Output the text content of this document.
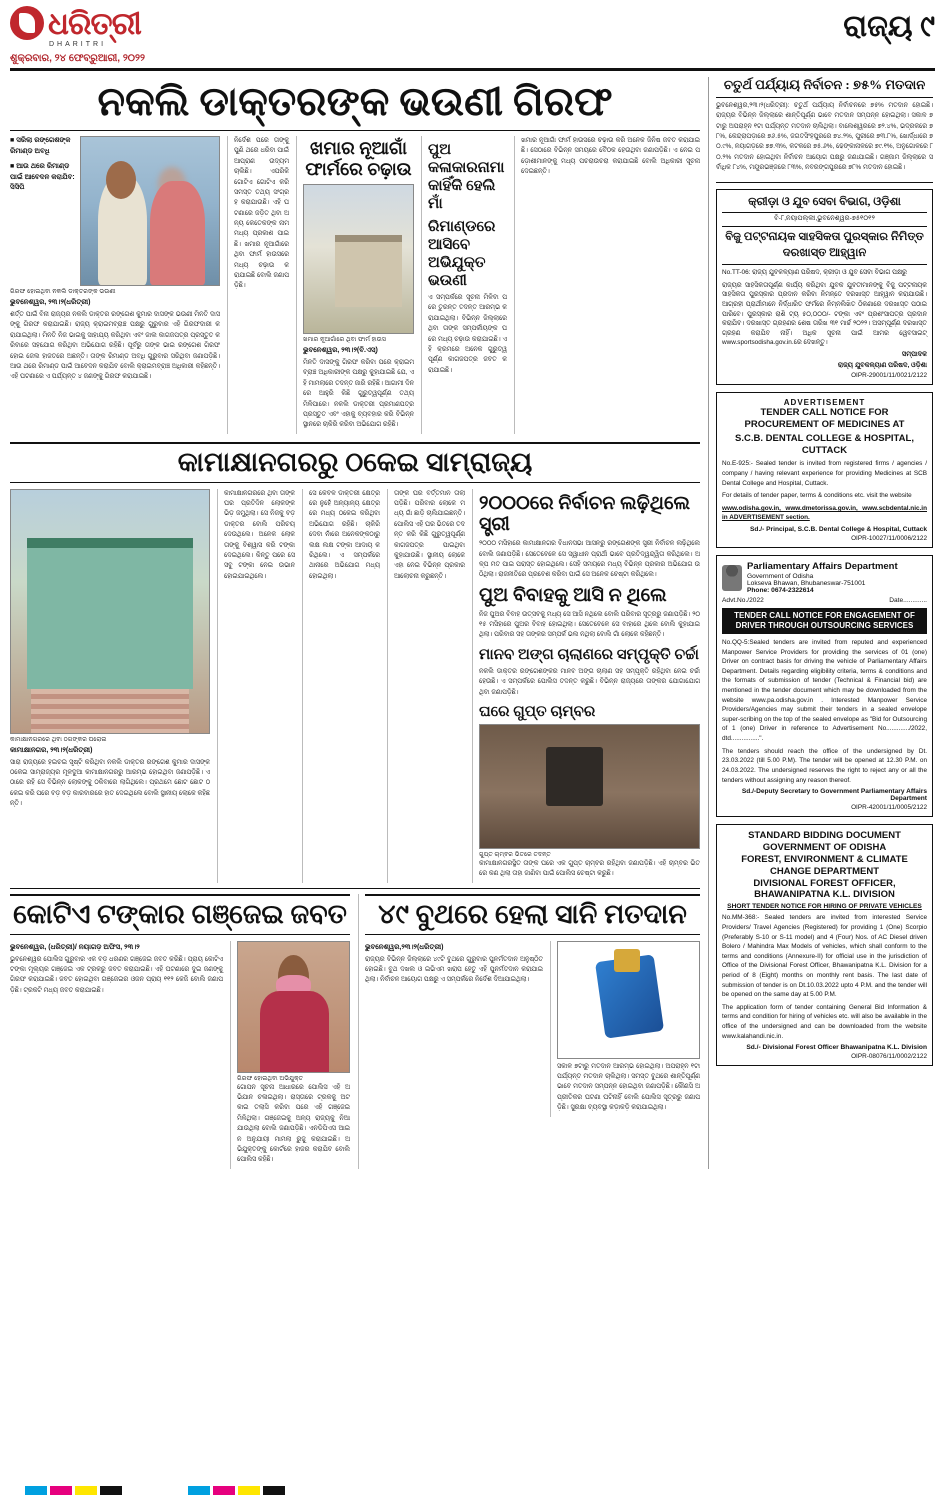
ଧରିତ୍ରୀ
DHARITRI
ଶୁକ୍ରବାର, ୨୪ ଫେବ୍ରୁଆରୀ, ୨୦୨୨
ରାଜ୍ୟ ୯
ନକଲି ଡାକ୍ତରଙ୍କ ଭଉଣୀ ଗିରଫ
■ ସରିଲା ରଙ୍ଗେଶଙ୍କ ରିମାଣ୍ଡ ଅବଧି
■ ଆଉ ଥରେ ରିମାଣ୍ଡ ପାଇଁ ଆବେଦନ କରାଯିବ: ସିସିପି
ଗିରଫ ହୋଇଥିବା ନକଲି ଡାକ୍ତରଙ୍କ ଭଉଣୀ
ଭୁବନେଶ୍ୱର, ୨୩।୨(ଧରିତ୍ରୀ)

ଶର୍ତ୍ତ ପାଇଁ ବିନା ରାଜ୍ୟର ନକଲି ଡାକ୍ତର ରଙ୍ଗେଶ କୁମାର ଦାସଙ୍କ ଭଉଣୀ ମିନତି ଦାସଙ୍କୁ ଗିରଫ କରାଯାଇଛି। ରାଜ୍ୟ କ୍ରାଇମବ୍ରାଞ୍ଚ ପକ୍ଷରୁ ଗୁରୁବାର ଏହି ଗିରଫଦାରୀ କରାଯାଇଥିଲା। ମିନତି ନିଜ ଭାଇକୁ ସାହାଯ୍ୟ କରିଥିବା ଏବଂ ଜାଲ କାଗଜପତ୍ର ପ୍ରସ୍ତୁତ କରିବାରେ ସହଯୋଗ କରିଥିବା ଅଭିଯୋଗ ରହିଛି। ପୂର୍ବରୁ ତାଙ୍କ ଭାଇ ରଙ୍ଗେଶ ଗିରଫ ହୋଇ ଜେଲ ହାଜତରେ ଅଛନ୍ତି। ତାଙ୍କ ରିମାଣ୍ଡ ଅବଧି ଗୁରୁବାର ସରିଥିବା ଜଣାପଡ଼ିଛି। ଆଉ ଥରେ ରିମାଣ୍ଡ ପାଇଁ ଆବେଦନ କରାଯିବ ବୋଲି କ୍ରାଇମବ୍ରାଞ୍ଚ ଅଧିକାରୀ କହିଛନ୍ତି। ଏହି ଘଟଣାରେ ଏ ପର୍ଯ୍ୟନ୍ତ ୪ ଜଣଙ୍କୁ ଗିରଫ କରାଯାଇଛି।

ନିର୍ଦେଶ ପରେ ତାଙ୍କୁ ପୁଣି ଥରେ ଧରିବା ପାଇଁ ଆପ୍ରାଣ ଉଦ୍ୟମ ଚାଲିଛି। ଏପରିକି ଗୋଟିଏ ଗୋଟିଏ କରି ସମସ୍ତ ତଥ୍ୟ ସଂଗ୍ରହ କରାଯାଉଛି। ଏହି ଘଟଣାରେ ଜଡ଼ିତ ଥିବା ଅନ୍ୟ କେତେକଙ୍କ ନାମ ମଧ୍ୟ ପ୍ରକାଶ ପାଇଛି। ଖମାର ନୂଆଗାଁରେ ଥିବା ଫାର୍ମ ହାଉସରେ ମଧ୍ୟ ଚଢ଼ାଉ କରାଯାଇଛି ବୋଲି ଜଣାପଡ଼ିଛି।

ଖମାର ନୂଆଗାଁ ଫାର୍ମରେ ଚଢ଼ାଉ
ଖମାର ନୂଆଗାଁରେ ଥିବା ଫାର୍ମ ହାଉସ
ଭୁବନେଶ୍ୱର, ୨୩।୨(ବି.ଏସ୍‌)

ମିନତି ଦାସଙ୍କୁ ଗିରଫ କରିବା ପରେ କ୍ରାଇମବ୍ରାଞ୍ଚ ଅଧିକାରୀଙ୍କ ପକ୍ଷରୁ କୁହାଯାଇଛି ଯେ, ଏହି ମାମଲାରେ ତଦନ୍ତ ଜାରି ରହିଛି। ଆଗାମୀ ଦିନରେ ଆହୁରି କିଛି ଗୁରୁତ୍ୱପୂର୍ଣ୍ଣ ତଥ୍ୟ ମିଳିପାରେ। ନକଲି ଡାକ୍ତରୀ ପ୍ରମାଣପତ୍ର ପ୍ରସ୍ତୁତ ଏବଂ ଏହାକୁ ବ୍ୟବହାର କରି ବିଭିନ୍ନ ସ୍ଥାନରେ ଚାକିରି କରିବା ଅଭିଯୋଗ ରହିଛି।

ପୁଅ କଳାକାରନାମା କାହିଁକି ହେଲି ମାଁ
ରିମାଣ୍ଡରେ ଆସିବେ ଅଭିଯୁକ୍ତ ଭଉଣୀ

ଏ ସମ୍ପର୍କରେ ସୂଚନା ମିଳିବା ପରେ ତୁରନ୍ତ ତଦନ୍ତ ଆରମ୍ଭ କରାଯାଇଥିଲା। ବିଭିନ୍ନ ଜିଲ୍ଲାରେ ଥିବା ତାଙ୍କ ସମ୍ପର୍କୀୟଙ୍କ ଘରେ ମଧ୍ୟ ଚଢ଼ାଉ କରାଯାଇଛି। ଏହି କ୍ରମରେ ଅନେକ ଗୁରୁତ୍ୱପୂର୍ଣ୍ଣ କାଗଜପତ୍ର ଜବତ କରାଯାଇଛି।

ଖମାର ନୂଆଗାଁ ଫାର୍ମ ହାଉସରେ ଚଢ଼ାଉ କରି ଅନେକ ଜିନିଷ ଜବତ କରାଯାଇଛି। ସେଠାରେ ବିଭିନ୍ନ ସମୟରେ ବୈଠକ ହେଉଥିବା ଜଣାପଡ଼ିଛି। ଏ ନେଇ ପଡ଼ୋଶୀମାନଙ୍କୁ ମଧ୍ୟ ପଚରାଉଚରା କରାଯାଇଛି ବୋଲି ଅଧିକାରୀ ସୂଚନା ଦେଇଛନ୍ତି।

କାମାକ୍ଷାନଗରରୁ ଠକେଇ ସାମ୍ରାଜ୍ୟ
କାମାକ୍ଷାନଗରରେ ଥିବା ଠଗଙ୍କର ଘରୋଇ
କାମାକ୍ଷାନଗର, ୨୩।୨(ଧରିତ୍ରୀ)

ସାରା ରାଜ୍ୟରେ ହଇଚଇ ସୃଷ୍ଟି କରିଥିବା ନକଲି ଡାକ୍ତର ରଙ୍ଗେଶ କୁମାର ଦାସଙ୍କ ଠକେଇ ସାମ୍ରାଜ୍ୟର ମୂଳଦୁଆ କାମାକ୍ଷାନଗରରୁ ଆରମ୍ଭ ହୋଇଥିବା ଜଣାପଡ଼ିଛି। ଏଠାରେ ରହି ସେ ବିଭିନ୍ନ ଲୋକଙ୍କୁ ଠକିବାରେ ଲାଗିଥିଲେ। ପ୍ରଥମେ ଛୋଟ ଛୋଟ ଠକେଇ କରି ପରେ ବଡ଼ ବଡ଼ କାରବାରରେ ହାତ ଦେଇଥିଲେ ବୋଲି ସ୍ଥାନୀୟ ଲୋକେ କହିଛନ୍ତି।

କାମାକ୍ଷାନଗରରେ ଥିବା ତାଙ୍କ ଘର ପ୍ରତିଦିନ ଲୋକଙ୍କ ଭିଡ଼ ଜମୁଥିଲା। ସେ ନିଜକୁ ବଡ଼ ଡାକ୍ତର ବୋଲି ପରିଚୟ ଦେଉଥିଲେ। ଅନେକ ଲୋକ ତାଙ୍କୁ ବିଶ୍ୱାସ କରି ଟଙ୍କା ଦେଇଥିଲେ। କିନ୍ତୁ ପରେ ସେ ସବୁ ଟଙ୍କା ନେଇ ଉଭାନ ହୋଇଯାଇଥିଲେ।

ସେ କେବଳ ଡାକ୍ତରୀ କ୍ଷେତ୍ରରେ ନୁହେଁ ଅନ୍ୟାନ୍ୟ କ୍ଷେତ୍ରରେ ମଧ୍ୟ ଠକେଇ କରିଥିବା ଅଭିଯୋଗ ରହିଛି। ଚାକିରି ଦେବା ନାଁରେ ଅନେକଙ୍କଠାରୁ ଲକ୍ଷ ଲକ୍ଷ ଟଙ୍କା ଆଦାୟ କରିଥିଲେ। ଏ ସମ୍ପର୍କରେ ଥାନାରେ ଅଭିଯୋଗ ମଧ୍ୟ ହୋଇଥିଲା।

ତାଙ୍କ ଘର ବର୍ତ୍ତମାନ ତାଲା ପଡ଼ିଛି। ପରିବାର ଲୋକେ ମଧ୍ୟ ଗାଁ ଛାଡ଼ି ଚାଲିଯାଇଛନ୍ତି। ପୋଲିସ ଏହି ଘର ଭିତରେ ତଦନ୍ତ କରି କିଛି ଗୁରୁତ୍ୱପୂର୍ଣ୍ଣ କାଗଜପତ୍ର ପାଇଥିବା କୁହାଯାଉଛି। ସ୍ଥାନୀୟ ଲୋକେ ଏହା ନେଇ ବିଭିନ୍ନ ପ୍ରକାର ଆଲୋଚନା କରୁଛନ୍ତି।

୨୦୦୦ରେ ନିର୍ବାଚନ ଲଢ଼ିଥିଲେ ସ୍ତ୍ରୀ

୨୦୦୦ ମସିହାରେ କାମାକ୍ଷାନଗର ବିଧାନସଭା ଆସନରୁ ରଙ୍ଗେଶଙ୍କ ସ୍ତ୍ରୀ ନିର୍ବାଚନ ଲଢ଼ିଥିଲେ ବୋଲି ଜଣାପଡ଼ିଛି। ସେତେବେଳେ ସେ ସ୍ୱାଧୀନ ପ୍ରାର୍ଥୀ ଭାବେ ପ୍ରତିଦ୍ୱନ୍ଦ୍ୱିତା କରିଥିଲେ। ଅଳ୍ପ ମତ ପାଇ ପରାସ୍ତ ହୋଇଥିଲେ। ସେହି ସମୟରେ ମଧ୍ୟ ବିଭିନ୍ନ ପ୍ରକାର ଅଭିଯୋଗ ଉଠିଥିଲା। ରାଜନୀତିରେ ପ୍ରବେଶ କରିବା ପାଇଁ ସେ ଅନେକ ଚେଷ୍ଟା କରିଥିଲେ।

ପୁଅ ବିବାହକୁ ଆସି ନ ଥିଲେ

ନିଜ ପୁଅର ବିବାହ ଉତ୍ସବକୁ ମଧ୍ୟ ସେ ଆସି ନଥିଲେ ବୋଲି ପରିବାର ସୂତ୍ରରୁ ଜଣାପଡ଼ିଛି। ୨୦୧୫ ମସିହାରେ ପୁଅର ବିବାହ ହୋଇଥିଲା। ସେତେବେଳେ ସେ ବାହାରେ ଥିଲେ ବୋଲି କୁହାଯାଇଥିଲା। ପରିବାର ସହ ତାଙ୍କର ସମ୍ପର୍କ ଭଲ ନଥିଲା ବୋଲି ଗାଁ ଲୋକେ କହିଛନ୍ତି।

ମାନବ ଅଙ୍ଗ ଚାଲାଣରେ ସମ୍ପୃକ୍ତି ଚର୍ଚ୍ଚା

ନକଲି ଡାକ୍ତର ରଙ୍ଗେଶଙ୍କର ମାନବ ଅଙ୍ଗ ଚାଲାଣ ସହ ସମ୍ପୃକ୍ତି ରହିଥିବା ନେଇ ଚର୍ଚ୍ଚା ହେଉଛି। ଏ ସମ୍ପର୍କରେ ପୋଲିସ ତଦନ୍ତ କରୁଛି। ବିଭିନ୍ନ ରାଜ୍ୟରେ ତାଙ୍କର ଯୋଗାଯୋଗ ଥିବା ଜଣାପଡ଼ିଛି।

ଘରେ ଗୁପ୍ତ ଚାମ୍ବର
ଗୁପ୍ତ ଚାମ୍ବର ଭିତରେ ତଦନ୍ତ

କାମାକ୍ଷାନଗରସ୍ଥିତ ତାଙ୍କ ଘରେ ଏକ ଗୁପ୍ତ ଚାମ୍ବର ରହିଥିବା ଜଣାପଡ଼ିଛି। ଏହି ଚାମ୍ବର ଭିତରେ କଣ ଥିଲା ତାହା ଜାଣିବା ପାଇଁ ପୋଲିସ ଚେଷ୍ଟା କରୁଛି।

କୋଟିଏ ଟଙ୍କାର ଗଞ୍ଜେଇ ଜବତ
ଭୁବନେଶ୍ୱର, (ଧରିତ୍ରୀ)/ ନୟାଗଡ଼ ଅଫିସ, ୨୩।୨

ଭୁବନେଶ୍ୱର ପୋଲିସ ଗୁରୁବାର ଏକ ବଡ଼ ଧରଣର ଗଞ୍ଜେଇ ଜବତ କରିଛି। ପ୍ରାୟ କୋଟିଏ ଟଙ୍କା ମୂଲ୍ୟର ଗଞ୍ଜେଇ ଏକ ଟ୍ରକରୁ ଜବତ କରାଯାଇଛି। ଏହି ଘଟଣାରେ ଦୁଇ ଜଣଙ୍କୁ ଗିରଫ କରାଯାଇଛି। ଜବତ ହୋଇଥିବା ଗଞ୍ଜେଇର ଓଜନ ପ୍ରାୟ ୧୧୨ କେଜି ବୋଲି ଜଣାପଡ଼ିଛି। ଟ୍ରକଟି ମଧ୍ୟ ଜବତ କରାଯାଇଛି।

ଗିରଫ ହୋଇଥିବା ଅଭିଯୁକ୍ତ

ଗୋପନ ସୂଚନା ଆଧାରରେ ପୋଲିସ ଏହି ଅଭିଯାନ ଚଳାଇଥିଲା। ରାସ୍ତାରେ ଟ୍ରକକୁ ଅଟକାଇ ତଲାସି କରିବା ପରେ ଏହି ଗଞ୍ଜେଇ ମିଳିଥିଲା। ଗଞ୍ଜେଇକୁ ଅନ୍ୟ ରାଜ୍ୟକୁ ନିଆଯାଉଥିଲା ବୋଲି ଜଣାପଡ଼ିଛି। ଏନଡିପିଏସ ଆଇନ ଅନୁଯାୟୀ ମାମଲା ରୁଜୁ କରାଯାଇଛି। ଅଭିଯୁକ୍ତଙ୍କୁ କୋର୍ଟରେ ହାଜର କରାଯିବ ବୋଲି ପୋଲିସ କହିଛି।

୪୯ ବୁଥରେ ହେଲା ସାନି ମତଦାନ
ଭୁବନେଶ୍ୱର,୨୩।୨(ଧରିତ୍ରୀ)

ରାଜ୍ୟର ବିଭିନ୍ନ ଜିଲ୍ଲାରେ ୪୯ଟି ବୁଥରେ ଗୁରୁବାର ପୁନର୍ମତଦାନ ଅନୁଷ୍ଠିତ ହୋଇଛି। ବୁଥ ଦଖଲ ଓ ଇଭିଏମ ଖରାପ ହେତୁ ଏହି ପୁନର୍ମତଦାନ କରାଯାଇଥିଲା। ନିର୍ବାଚନ ଆୟୋଗ ପକ୍ଷରୁ ଏ ସମ୍ପର୍କରେ ନିର୍ଦେଶ ଦିଆଯାଇଥିଲା।

ସକାଳ ୭ଟାରୁ ମତଦାନ ଆରମ୍ଭ ହୋଇଥିଲା। ଅପରାହ୍ନ ୧ଟା ପର୍ଯ୍ୟନ୍ତ ମତଦାନ ଚାଲିଥିଲା। ସମସ୍ତ ବୁଥରେ ଶାନ୍ତିପୂର୍ଣ୍ଣ ଭାବେ ମତଦାନ ସମ୍ପନ୍ନ ହୋଇଥିବା ଜଣାପଡ଼ିଛି। କୌଣସି ଅପ୍ରୀତିକର ଘଟଣା ଘଟିନାହିଁ ବୋଲି ପୋଲିସ ସୂତ୍ରରୁ ଜଣାପଡ଼ିଛି। ସୁରକ୍ଷା ବ୍ୟବସ୍ଥା କଡ଼ାକଡ଼ି କରାଯାଇଥିଲା।

ଚତୁର୍ଥ ପର୍ଯ୍ୟାୟ ନିର୍ବାଚନ : ୭୫% ମତଦାନ

ଭୁବନେଶ୍ୱର,୨୩।୨(ଧରିତ୍ରୀ): ଚତୁର୍ଥ ପର୍ଯ୍ୟାୟ ନିର୍ବାଚନରେ ୭୫% ମତଦାନ ହୋଇଛି। ରାଜ୍ୟର ବିଭିନ୍ନ ଜିଲ୍ଲାରେ ଶାନ୍ତିପୂର୍ଣ୍ଣ ଭାବେ ମତଦାନ ସମ୍ପନ୍ନ ହୋଇଥିଲା। ସକାଳ ୭ଟାରୁ ଅପରାହ୍ନ ୧ଟା ପର୍ଯ୍ୟନ୍ତ ମତଦାନ ଚାଲିଥିଲା। ବାଲେଶ୍ୱରରେ ୭୨.୪%, ଭଦ୍ରକରେ ୭୮%, କେନ୍ଦ୍ରାପଡ଼ାରେ ୭୬.୫%, ଜଗତସିଂହପୁରରେ ୭୪.୨%, ପୁରୀରେ ୭୩.୮%, ଖୋର୍ଦ୍ଧାରେ ୭୦.୯%, ନୟାଗଡ଼ରେ ୭୭.୩%, କଟକରେ ୭୫.୬%, ଢେଙ୍କାନାଳରେ ୭୯.୧%, ଅନୁଗୋଳରେ ୮୦.୨% ମତଦାନ ହୋଇଥିବା ନିର୍ବାଚନ ଆୟୋଗ ପକ୍ଷରୁ ଜଣାଯାଇଛି। ଗଞ୍ଜାମ ଜିଲ୍ଲାରେ ସର୍ବାଧିକ ୮୪%, ମୟୂରଭଞ୍ଜରେ ୮୩%, ନବରଙ୍ଗପୁରରେ ୭୮% ମତଦାନ ହୋଇଛି।

କ୍ରୀଡ଼ା ଓ ଯୁବ ସେବା ବିଭାଗ, ଓଡ଼ିଶା
ବି-୮,ନୟାପଲ୍ଲୀ,ଭୁବନେଶ୍ୱର-୭୫୧୦୧୨
ବିଜୁ ପଟ୍ଟନାୟକ ସାହସିକତା ପୁରସ୍କାର ନିମିତ୍ତ ଦରଖାସ୍ତ ଆହ୍ୱାନ
No.TT-06: ରାଜ୍ୟ ଯୁବକଳ୍ୟାଣ ପରିଷଦ, କ୍ରୀଡ଼ା ଓ ଯୁବ ସେବା ବିଭାଗ ପକ୍ଷରୁ
ରାଜ୍ୟର ସାହସିକତାପୂର୍ଣ୍ଣ କାର୍ଯ୍ୟ କରିଥିବା ଯୁବକ ଯୁବତୀମାନଙ୍କୁ ବିଜୁ ପଟ୍ଟନାୟକ ସାହସିକତା ପୁରସ୍କାର ପ୍ରଦାନ କରିବା ନିମନ୍ତେ ଦରଖାସ୍ତ ଆହ୍ୱାନ କରାଯାଉଛି। ଆଗ୍ରହୀ ପ୍ରାର୍ଥୀମାନେ ନିର୍ଦ୍ଧାରିତ ଫର୍ମରେ ନିମ୍ନଲିଖିତ ଠିକଣାରେ ଦରଖାସ୍ତ ପଠାଇ ପାରିବେ। ପୁରସ୍କାର ରାଶି ଟ୍ୟ ୫୦,୦୦୦/- ଟଙ୍କା ଏବଂ ପ୍ରଶଂସାପତ୍ର ପ୍ରଦାନ କରାଯିବ। ଦରଖାସ୍ତ ଗ୍ରହଣର ଶେଷ ତାରିଖ ୩୧ ମାର୍ଚ୍ଚ ୨୦୨୨। ଅସମ୍ପୂର୍ଣ୍ଣ ଦରଖାସ୍ତ ଗ୍ରହଣ କରାଯିବ ନାହିଁ। ଅଧିକ ସୂଚନା ପାଇଁ ଆମର ୱେବସାଇଟ୍ www.sportsodisha.gov.in.ରେ ଦେଖନ୍ତୁ।
ସମ୍ପାଦକ
ରାଜ୍ୟ ଯୁବକଳ୍ୟାଣ ପରିଷଦ, ଓଡ଼ିଶା
OIPR-29001/11/0021/2122
ADVERTISEMENT
TENDER CALL NOTICE FOR PROCUREMENT OF MEDICINES AT
S.C.B. DENTAL COLLEGE & HOSPITAL, CUTTACK
No.E-925:- Sealed tender is invited from registered firms / agencies / company / having relevant experience for providing Medicines at SCB Dental College and Hospital, Cuttack.
For details of tender paper, terms & conditions etc. visit the website
www.odisha.gov.in, www.dmetorissa.gov.in, www.scbdental.nic.in in ADVERTISEMENT section.
Sd./- Principal, S.C.B. Dental College & Hospital, Cuttack
OIPR-10027/11/0006/2122
Parliamentary Affairs Department
Government of Odisha
Lokseva Bhawan, Bhubaneswar-751001
Phone: 0674-2322614
Advt.No./2022	Date.............
TENDER CALL NOTICE FOR ENGAGEMENT OF DRIVER THROUGH OUTSOURCING SERVICES
No.QQ-5:Sealed tenders are invited from reputed and experienced Manpower Service Providers for providing the services of 01 (one) Driver on contract basis for driving the vehicle of Parliamentary Affairs Department. Details regarding eligibility criteria, terms & conditions and the formats of submission of tender (Technical & Financial bid) are mentioned in the tender document which may be downloaded from the website www.pa.odisha.gov.in . Interested Manpower Service Providers/Agencies may submit their tenders in a sealed envelope super-scribing on the top of the sealed envelope as "Bid for Outsourcing of 1 (one) Driver in reference to Advertisement No............./2022, dtd................".
The tenders should reach the office of the undersigned by Dt. 23.03.2022 (till 5.00 P.M). The tender will be opened at 12.30 P.M. on 24.03.2022. The undersigned reserves the right to reject any or all the tenders without assigning any reason thereof.
Sd./-Deputy Secretary to Government Parliamentary Affairs Department
OIPR-42001/11/0005/2122
STANDARD BIDDING DOCUMENT
GOVERNMENT OF ODISHA
FOREST, ENVIRONMENT & CLIMATE CHANGE DEPARTMENT
DIVISIONAL FOREST OFFICER, BHAWANIPATNA K.L. DIVISION
SHORT TENDER NOTICE FOR HIRING OF PRIVATE VEHICLES
No.MM-368:- Sealed tenders are invited from interested Service Providers/ Travel Agencies (Registered) for providing 1 (One) Scorpio (Preferably S-10 or S-11 model) and 4 (Four) Nos. of AC Diesel driven Bolero / Mahindra Max Models of vehicles, which shall conform to the terms and conditions (Annexure-II) for official use in the jurisdiction of Office of the Divisional Forest Officer, Bhawanipatna K.L. Division for a period of 8 (Eight) months on monthly rent basis. The last date of submission of tender is on Dt.10.03.2022 upto 4 P.M. and the tender will be opened on the same day at 5.00 P.M.
The application form of tender containing General Bid Information & terms and condition for hiring of vehicles etc. will also be available in the office of the undersigned and can be downloaded from the website www.kalahandi.nic.in.
Sd./- Divisional Forest Officer Bhawanipatna K.L. Division
OIPR-08076/11/0002/2122
